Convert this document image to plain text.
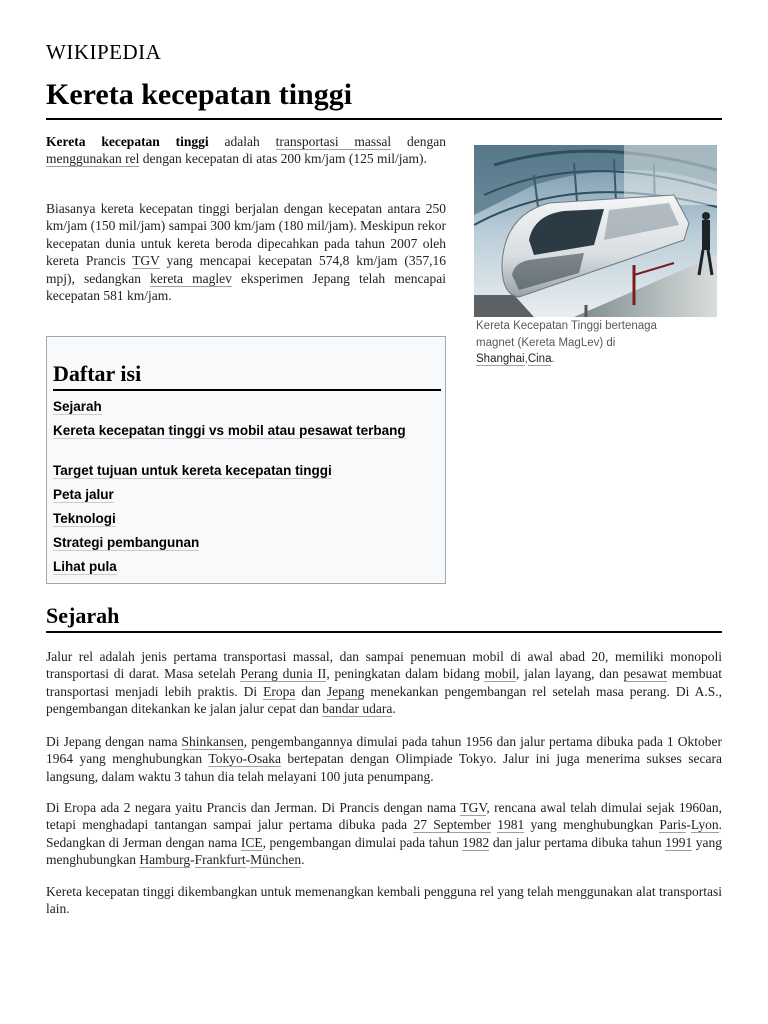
WIKIPEDIA
Kereta kecepatan tinggi

Kereta kecepatan tinggi adalah transportasi massal dengan menggunakan rel dengan kecepatan di atas 200 km/jam (125 mil/jam).

Biasanya kereta kecepatan tinggi berjalan dengan kecepatan antara 250 km/jam (150 mil/jam) sampai 300 km/jam (180 mil/jam). Meskipun rekor kecepatan dunia untuk kereta beroda dipecahkan pada tahun 2007 oleh kereta Prancis TGV yang mencapai kecepatan 574,8 km/jam (357,16 mpj), sedangkan kereta maglev eksperimen Jepang telah mencapai kecepatan 581 km/jam.

Kereta Kecepatan Tinggi bertenaga magnet (Kereta MagLev) di Shanghai,Cina.
Daftar isi
Sejarah
Kereta kecepatan tinggi vs mobil atau pesawat terbang
Target tujuan untuk kereta kecepatan tinggi
Peta jalur
Teknologi
Strategi pembangunan
Lihat pula
Sejarah

Jalur rel adalah jenis pertama transportasi massal, dan sampai penemuan mobil di awal abad 20, memiliki monopoli transportasi di darat. Masa setelah Perang dunia II, peningkatan dalam bidang mobil, jalan layang, dan pesawat membuat transportasi menjadi lebih praktis. Di Eropa dan Jepang menekankan pengembangan rel setelah masa perang. Di A.S., pengembangan ditekankan ke jalan jalur cepat dan bandar udara.

Di Jepang dengan nama Shinkansen, pengembangannya dimulai pada tahun 1956 dan jalur pertama dibuka pada 1 Oktober 1964 yang menghubungkan Tokyo-Osaka bertepatan dengan Olimpiade Tokyo. Jalur ini juga menerima sukses secara langsung, dalam waktu 3 tahun dia telah melayani 100 juta penumpang.

Di Eropa ada 2 negara yaitu Prancis dan Jerman. Di Prancis dengan nama TGV, rencana awal telah dimulai sejak 1960an, tetapi menghadapi tantangan sampai jalur pertama dibuka pada 27 September 1981 yang menghubungkan Paris-Lyon. Sedangkan di Jerman dengan nama ICE, pengembangan dimulai pada tahun 1982 dan jalur pertama dibuka tahun 1991 yang menghubungkan Hamburg-Frankfurt-München.

Kereta kecepatan tinggi dikembangkan untuk memenangkan kembali pengguna rel yang telah menggunakan alat transportasi lain.
